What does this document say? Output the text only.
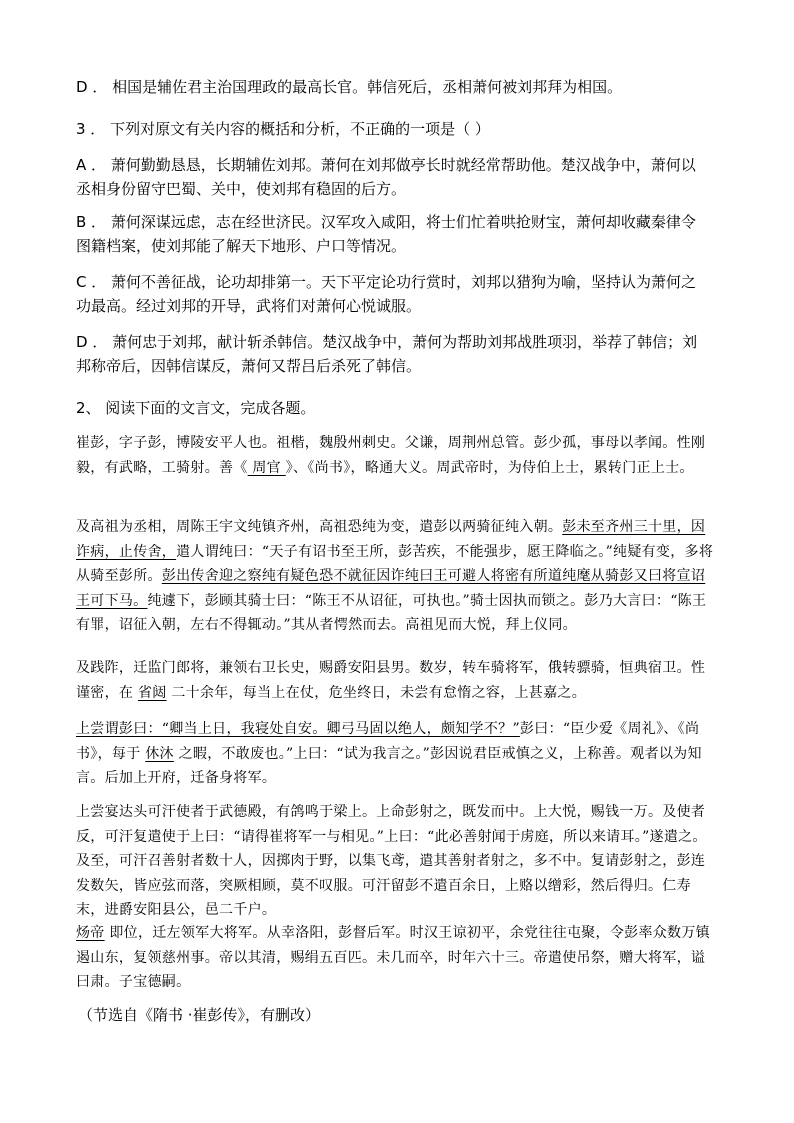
D ． 相国是辅佐君主治国理政的最高长官。韩信死后，丞相萧何被刘邦拜为相国。
3 ． 下列对原文有关内容的概括和分析，不正确的一项是（ ）
A ． 萧何勤勤恳恳，长期辅佐刘邦。萧何在刘邦做亭长时就经常帮助他。楚汉战争中，萧何以丞相身份留守巴蜀、关中，使刘邦有稳固的后方。
B ． 萧何深谋远虑，志在经世济民。汉军攻入咸阳，将士们忙着哄抢财宝，萧何却收藏秦律令图籍档案，使刘邦能了解天下地形、户口等情况。
C ． 萧何不善征战，论功却排第一。天下平定论功行赏时，刘邦以猎狗为喻，坚持认为萧何之功最高。经过刘邦的开导，武将们对萧何心悦诚服。
D ． 萧何忠于刘邦，献计斩杀韩信。楚汉战争中，萧何为帮助刘邦战胜项羽，举荐了韩信；刘邦称帝后，因韩信谋反，萧何又帮吕后杀死了韩信。
2、 阅读下面的文言文，完成各题。
崔彭，字子彭，博陵安平人也。祖楷，魏殷州刺史。父谦，周荆州总管。彭少孤，事母以孝闻。性刚毅，有武略，工骑射。善《 周官 》、《尚书》，略通大义。周武帝时，为侍伯上士，累转门正上士。
及高祖为丞相，周陈王宇文纯镇齐州，高祖恐纯为变，遣彭以两骑征纯入朝。彭未至齐州三十里，因诈病，止传舍，遣人谓纯曰：“天子有诏书至王所，彭苦疾，不能强步，愿王降临之。”纯疑有变，多将从骑至彭所。彭出传舍迎之察纯有疑色恐不就征因诈纯曰王可避人将密有所道纯麾从骑彭又曰将宣诏王可下马。纯遽下，彭顾其骑士曰：“陈王不从诏征，可执也。”骑士因执而锁之。彭乃大言曰：“陈王有罪，诏征入朝，左右不得辄动。”其从者愕然而去。高祖见而大悦，拜上仪同。
及践阼，迁监门郎将，兼领右卫长史，赐爵安阳县男。数岁，转车骑将军，俄转骠骑，恒典宿卫。性谨密，在 省闼 二十余年，每当上在仗，危坐终日，未尝有怠惰之容，上甚嘉之。
上尝谓彭曰：“卿当上日，我寝处自安。卿弓马固以绝人，颇知学不？”彭曰：“臣少爱《周礼》、《尚书》，每于 休沐 之暇，不敢废也。”上曰：“试为我言之。”彭因说君臣戒慎之义，上称善。观者以为知言。后加上开府，迁备身将军。
上尝宴达头可汗使者于武德殿，有鸽鸣于梁上。上命彭射之，既发而中。上大悦，赐钱一万。及使者反，可汗复遣使于上曰：“请得崔将军一与相见。”上曰：“此必善射闻于虏庭，所以来请耳。”遂遣之。及至，可汗召善射者数十人，因掷肉于野，以集飞鸢，遣其善射者射之，多不中。复请彭射之，彭连发数矢，皆应弦而落，突厥相顾，莫不叹服。可汗留彭不遣百余日，上赂以缯彩，然后得归。仁寿末，进爵安阳县公，邑二千户。
炀帝 即位，迁左领军大将军。从幸洛阳，彭督后军。时汉王谅初平，余党往往屯聚，令彭率众数万镇遏山东，复领慈州事。帝以其清，赐绢五百匹。未几而卒，时年六十三。帝遣使吊祭，赠大将军，谥曰肃。子宝德嗣。
（节选自《隋书 ·崔彭传》，有删改）
